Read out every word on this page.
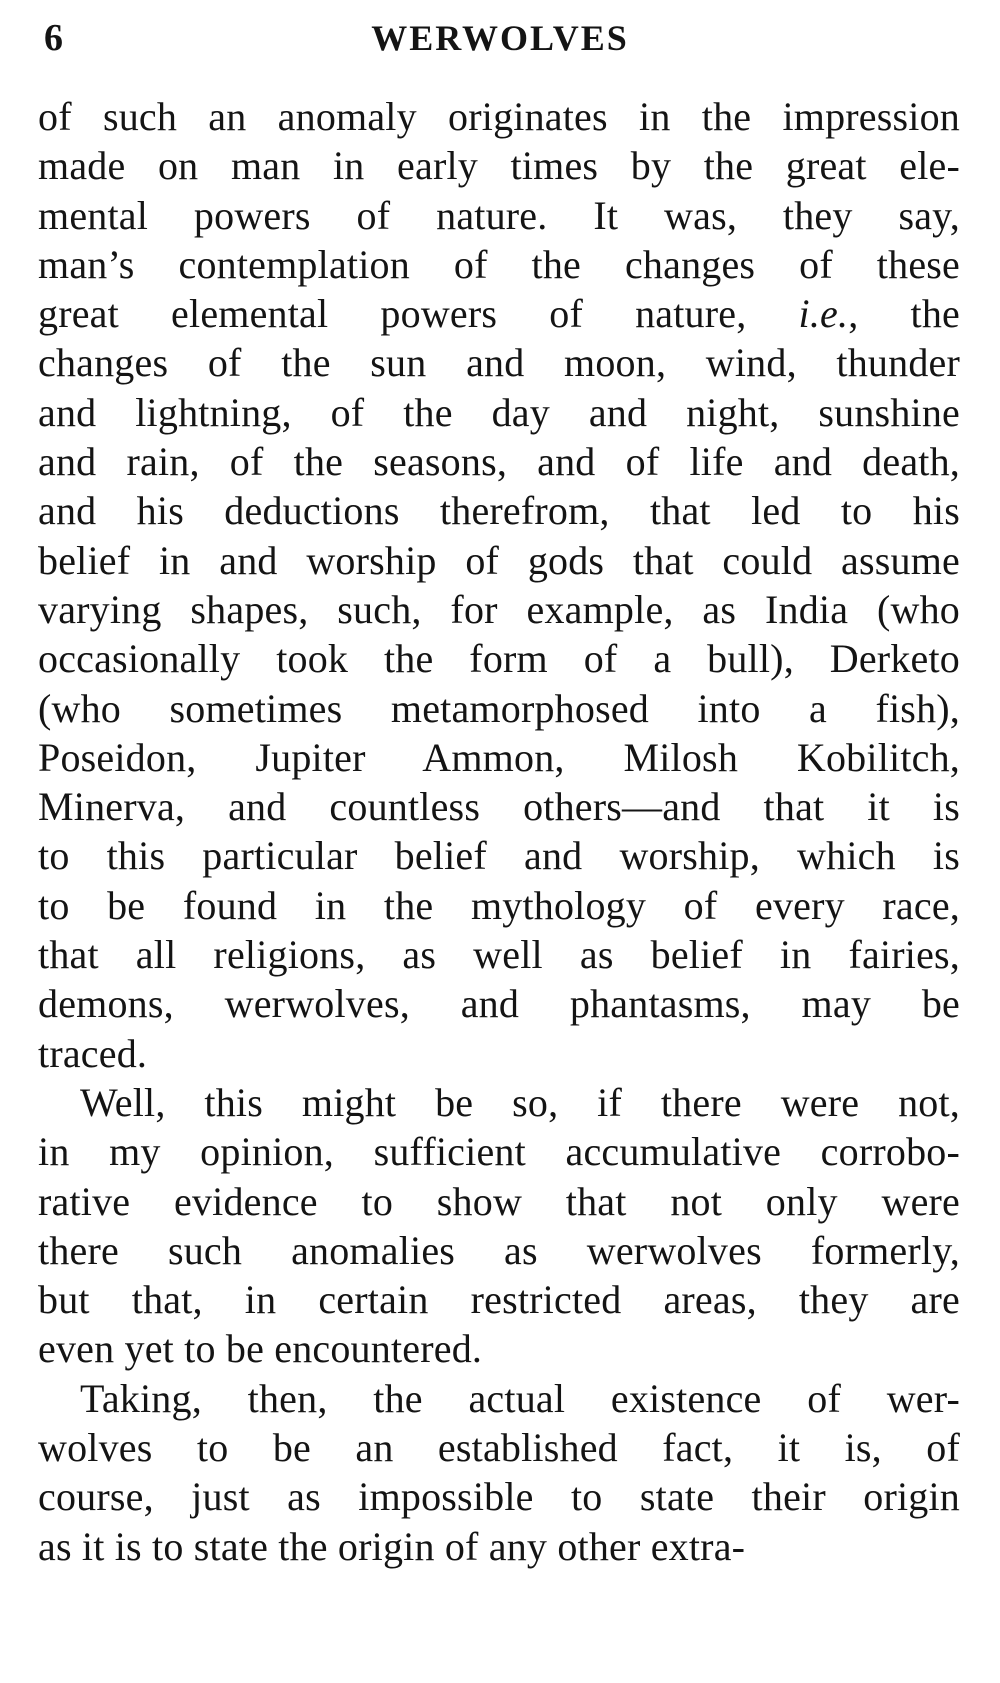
6	WERWOLVES
of such an anomaly originates in the impression
made on man in early times by the great ele-
mental powers of nature. It was, they say,
man’s contemplation of the changes of these
great elemental powers of nature, i.e., the
changes of the sun and moon, wind, thunder
and lightning, of the day and night, sunshine
and rain, of the seasons, and of life and death,
and his deductions therefrom, that led to his
belief in and worship of gods that could assume
varying shapes, such, for example, as India (who
occasionally took the form of a bull), Derketo
(who sometimes metamorphosed into a fish),
Poseidon, Jupiter Ammon, Milosh Kobilitch,
Minerva, and countless others—and that it is
to this particular belief and worship, which is
to be found in the mythology of every race,
that all religions, as well as belief in fairies,
demons, werwolves, and phantasms, may be
traced.
Well, this might be so, if there were not,
in my opinion, sufficient accumulative corrobo-
rative evidence to show that not only were
there such anomalies as werwolves formerly,
but that, in certain restricted areas, they are
even yet to be encountered.
Taking, then, the actual existence of wer-
wolves to be an established fact, it is, of
course, just as impossible to state their origin
as it is to state the origin of any other extra-
